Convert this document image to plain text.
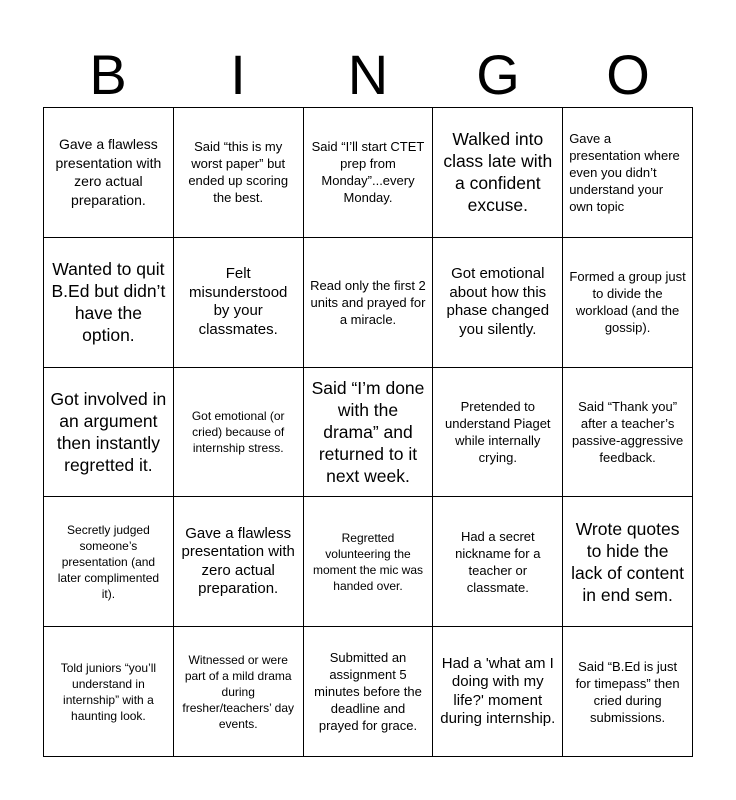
B	I	N	G	O
Gave a flawless presentation with zero actual preparation.
Said “this is my worst paper” but ended up scoring the best.
Said “I’ll start CTET prep from Monday”...every Monday.
Walked into class late with a confident excuse.
Gave a presentation where even you didn’t understand your own topic
Wanted to quit B.Ed but didn’t have the option.
Felt misunderstood by your classmates.
Read only the first 2 units and prayed for a miracle.
Got emotional about how this phase changed you silently.
Formed a group just to divide the workload (and the gossip).
Got involved in an argument then instantly regretted it.
Got emotional (or cried) because of internship stress.
Said “I’m done with the drama” and returned to it next week.
Pretended to understand Piaget while internally crying.
Said “Thank you” after a teacher’s passive-aggressive feedback.
Secretly judged someone’s presentation (and later complimented it).
Gave a flawless presentation with zero actual preparation.
Regretted volunteering the moment the mic was handed over.
Had a secret nickname for a teacher or classmate.
Wrote quotes to hide the lack of content in end sem.
Told juniors “you’ll understand in internship” with a haunting look.
Witnessed or were part of a mild drama during fresher/teachers’ day events.
Submitted an assignment 5 minutes before the deadline and prayed for grace.
Had a 'what am I doing with my life?' moment during internship.
Said “B.Ed is just for timepass” then cried during submissions.
